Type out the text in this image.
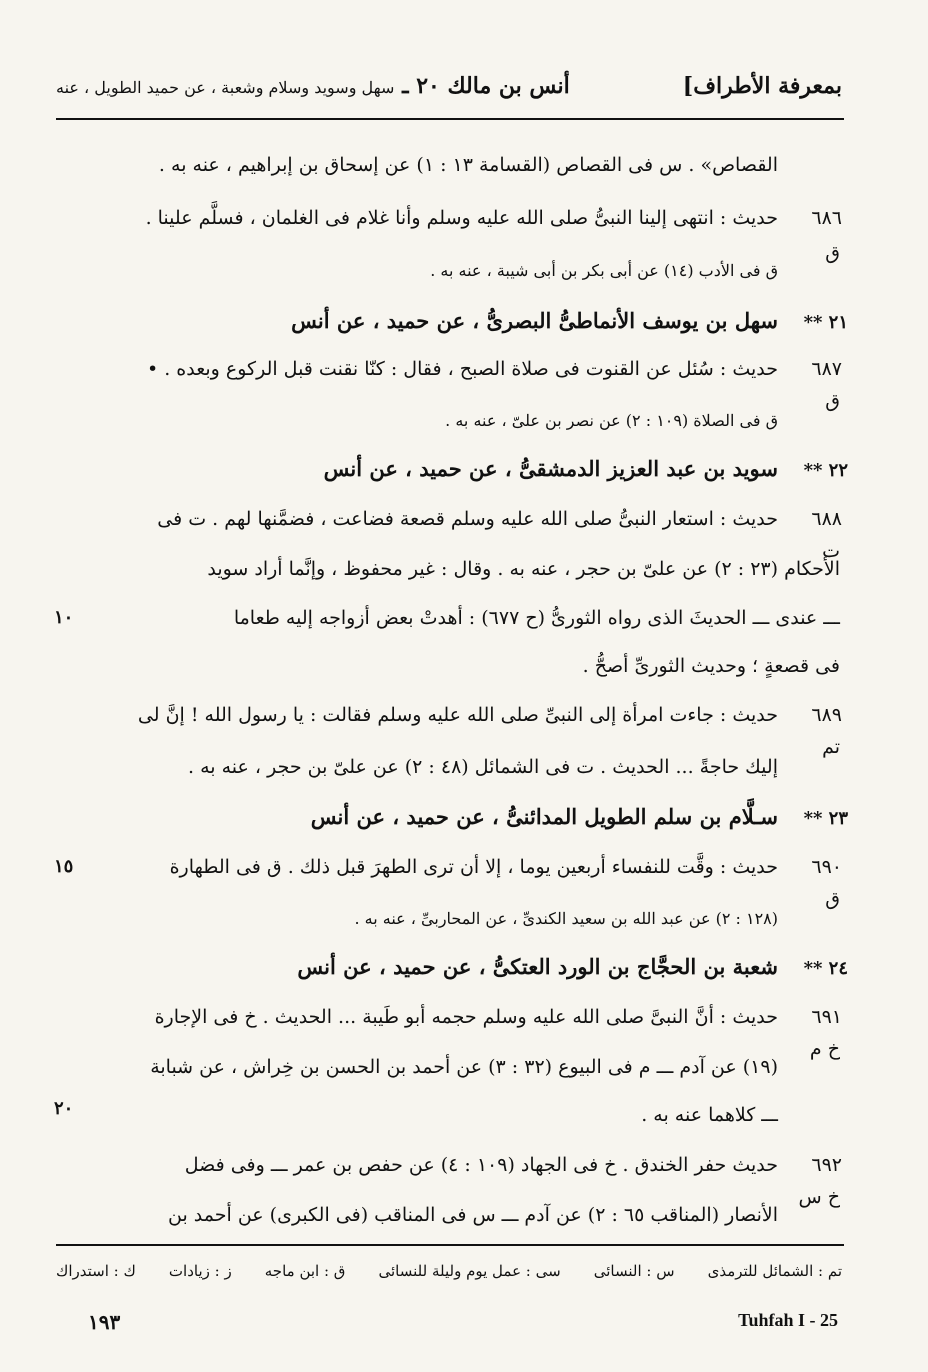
بمعرفة الأطراف]
أنس بن مالك ٢٠ ـ سهل وسويد وسلام وشعبة ، عن حميد الطويل ، عنه
القصاص» . س فى القصاص (القسامة ١٣ : ١) عن إسحاق بن إبراهيم ، عنه به .
٦٨٦
ق
حديث : انتهى إلينا النبىُّ صلى الله عليه وسلم وأنا غلام فى الغلمان ، فسلَّم علينا .
ق فى الأدب (١٤) عن أبى بكر بن أبى شيبة ، عنه به .
٢١ **
سهل بن يوسف الأنماطىُّ البصرىُّ ، عن حميد ، عن أنس
٦٨٧
ق
حديث : سُئل عن القنوت فى صلاة الصبح ، فقال : كنّا نقنت قبل الركوع وبعده . •
ق فى الصلاة (١٠٩ : ٢) عن نصر بن علىّ ، عنه به .
٢٢ **
سويد بن عبد العزيز الدمشقىُّ ، عن حميد ، عن أنس
٦٨٨
ت
حديث : استعار النبىُّ صلى الله عليه وسلم قصعة فضاعت ، فضمَّنها لهم . ت فى
الأحكام (٢٣ : ٢) عن علىّ بن حجر ، عنه به . وقال : غير محفوظ ، وإنَّما أراد سويد
ـــ عندى ـــ الحديثَ الذى رواه الثورىُّ (ح ٦٧٧) : أهدتْ بعض أزواجه إليه طعاما
١٠
فى قصعةٍ ؛ وحديث الثورىِّ أصحُّ .
٦٨٩
تم
حديث : جاءت امرأة إلى النبىِّ صلى الله عليه وسلم فقالت : يا رسول الله ! إنَّ لى
إليك حاجةً ... الحديث . ت فى الشمائل (٤٨ : ٢) عن علىّ بن حجر ، عنه به .
٢٣ **
سـلَّام بن سلم الطويل المدائنىُّ ، عن حميد ، عن أنس
٦٩٠
ق
حديث : وقَّت للنفساء أربعين يوما ، إلا أن ترى الطهرَ قبل ذلك . ق فى الطهارة
١٥
(١٢٨ : ٢) عن عبد الله بن سعيد الكندىِّ ، عن المحاربىِّ ، عنه به .
٢٤ **
شعبة بن الحجَّاج بن الورد العتكىُّ ، عن حميد ، عن أنس
٦٩١
خ م
حديث : أنَّ النبىَّ صلى الله عليه وسلم حجمه أبو طَيبة ... الحديث . خ فى الإجارة
(١٩) عن آدم ـــ م فى البيوع (٣٢ : ٣) عن أحمد بن الحسن بن خِراش ، عن شبابة
ـــ كلاهما عنه به .
٢٠
٦٩٢
خ س
حديث حفر الخندق . خ فى الجهاد (١٠٩ : ٤) عن حفص بن عمر ـــ وفى فضل
الأنصار (المناقب ٦٥ : ٢) عن آدم ـــ س فى المناقب (فى الكبرى) عن أحمد بن
تم : الشمائل للترمذى
س : النسائى
سى : عمل يوم وليلة للنسائى
ق : ابن ماجه
ز : زيادات
ك : استدراك
١٩٣	Tuhfah I - 25
